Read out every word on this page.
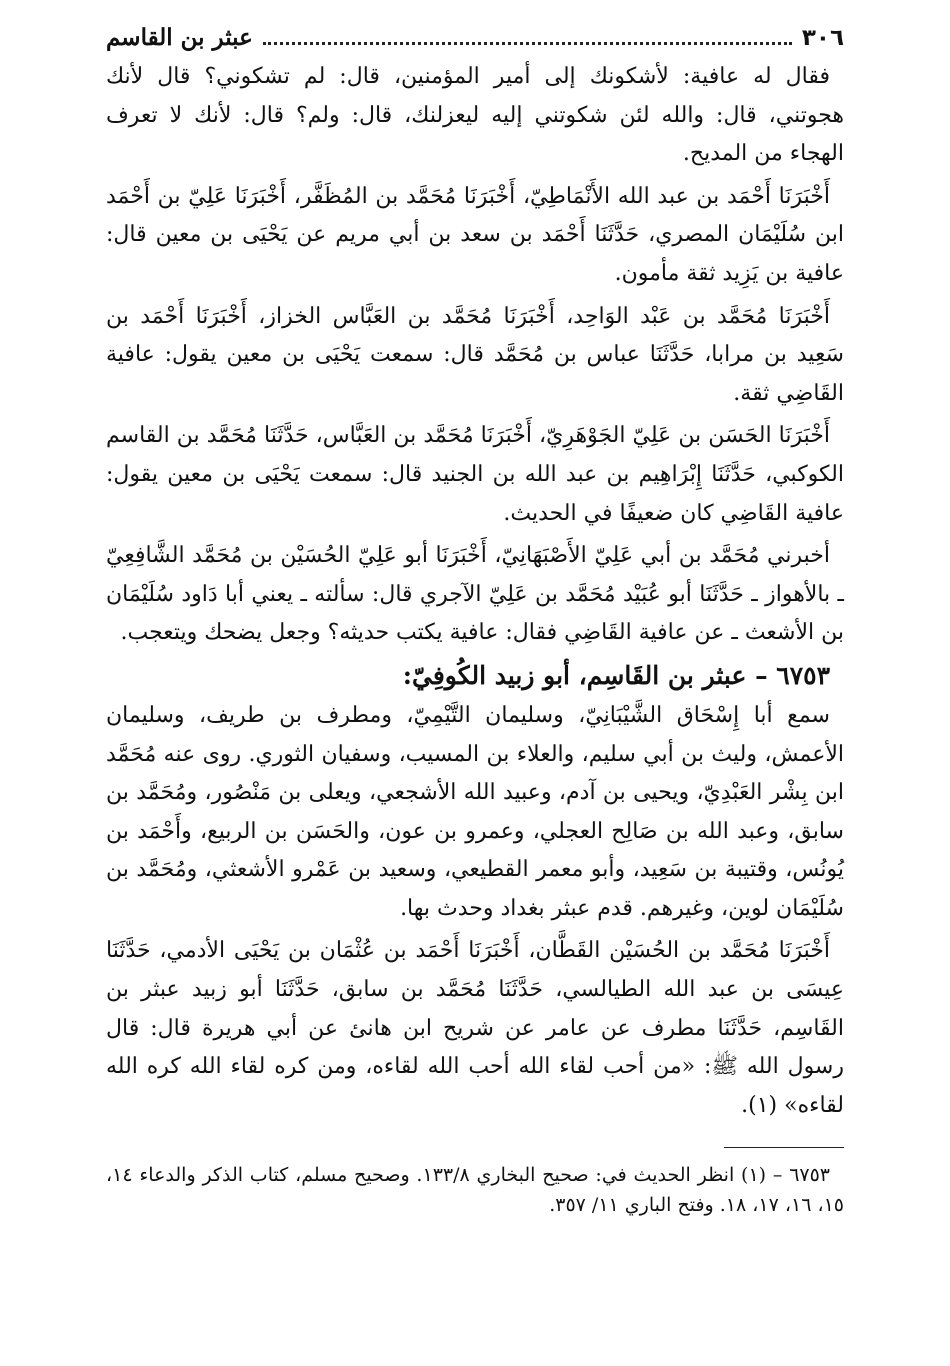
٣٠٦
عبثر بن القاسم

فقال له عافية: لأشكونك إلى أمير المؤمنين، قال: لم تشكوني؟ قال لأنك هجوتني، قال: والله لئن شكوتني إليه ليعزلنك، قال: ولم؟ قال: لأنك لا تعرف الهجاء من المديح.

أَخْبَرَنَا أَحْمَد بن عبد الله الأَنْمَاطِيّ، أَخْبَرَنَا مُحَمَّد بن المُظَفَّر، أَخْبَرَنَا عَلِيّ بن أَحْمَد ابن سُلَيْمَان المصري، حَدَّثَنَا أَحْمَد بن سعد بن أبي مريم عن يَحْيَى بن معين قال: عافية بن يَزِيد ثقة مأمون.

أَخْبَرَنَا مُحَمَّد بن عَبْد الوَاحِد، أَخْبَرَنَا مُحَمَّد بن العَبَّاس الخزاز، أَخْبَرَنَا أَحْمَد بن سَعِيد بن مرابا، حَدَّثَنَا عباس بن مُحَمَّد قال: سمعت يَحْيَى بن معين يقول: عافية القَاضِي ثقة.

أَخْبَرَنَا الحَسَن بن عَلِيّ الجَوْهَرِيّ، أَخْبَرَنَا مُحَمَّد بن العَبَّاس، حَدَّثَنَا مُحَمَّد بن القاسم الكوكبي، حَدَّثَنَا إِبْرَاهِيم بن عبد الله بن الجنيد قال: سمعت يَحْيَى بن معين يقول: عافية القَاضِي كان ضعيفًا في الحديث.

أخبرني مُحَمَّد بن أبي عَلِيّ الأَصْبَهَانِيّ، أَخْبَرَنَا أبو عَلِيّ الحُسَيْن بن مُحَمَّد الشَّافِعِيّ ـ بالأهواز ـ حَدَّثَنَا أبو عُبَيْد مُحَمَّد بن عَلِيّ الآجري قال: سألته ـ يعني أبا دَاود سُلَيْمَان بن الأشعث ـ عن عافية القَاضِي فقال: عافية يكتب حديثه؟ وجعل يضحك ويتعجب.

٦٧٥٣ – عبثر بن القَاسِم، أبو زبيد الكُوفِيّ:

سمع أبا إِسْحَاق الشَّيْبَانِيّ، وسليمان التَّيْمِيّ، ومطرف بن طريف، وسليمان الأعمش، وليث بن أبي سليم، والعلاء بن المسيب، وسفيان الثوري. روى عنه مُحَمَّد ابن بِشْر العَبْدِيّ، ويحيى بن آدم، وعبيد الله الأشجعي، ويعلى بن مَنْصُور، ومُحَمَّد بن سابق، وعبد الله بن صَالِح العجلي، وعمرو بن عون، والحَسَن بن الربيع، وأَحْمَد بن يُونُس، وقتيبة بن سَعِيد، وأبو معمر القطيعي، وسعيد بن عَمْرو الأشعثي، ومُحَمَّد بن سُلَيْمَان لوين، وغيرهم. قدم عبثر بغداد وحدث بها.

أَخْبَرَنَا مُحَمَّد بن الحُسَيْن القَطَّان، أَخْبَرَنَا أَحْمَد بن عُثْمَان بن يَحْيَى الأدمي، حَدَّثَنَا عِيسَى بن عبد الله الطيالسي، حَدَّثَنَا مُحَمَّد بن سابق، حَدَّثَنَا أبو زبيد عبثر بن القَاسِم، حَدَّثَنَا مطرف عن عامر عن شريح ابن هانئ عن أبي هريرة قال: قال رسول الله ﷺ: «من أحب لقاء الله أحب الله لقاءه، ومن كره لقاء الله كره الله لقاءه» (١).

٦٧٥٣ – (١) انظر الحديث في: صحيح البخاري ١٣٣/٨. وصحيح مسلم، كتاب الذكر والدعاء ١٤، ١٥، ١٦، ١٧، ١٨. وفتح الباري ١١/ ٣٥٧.
